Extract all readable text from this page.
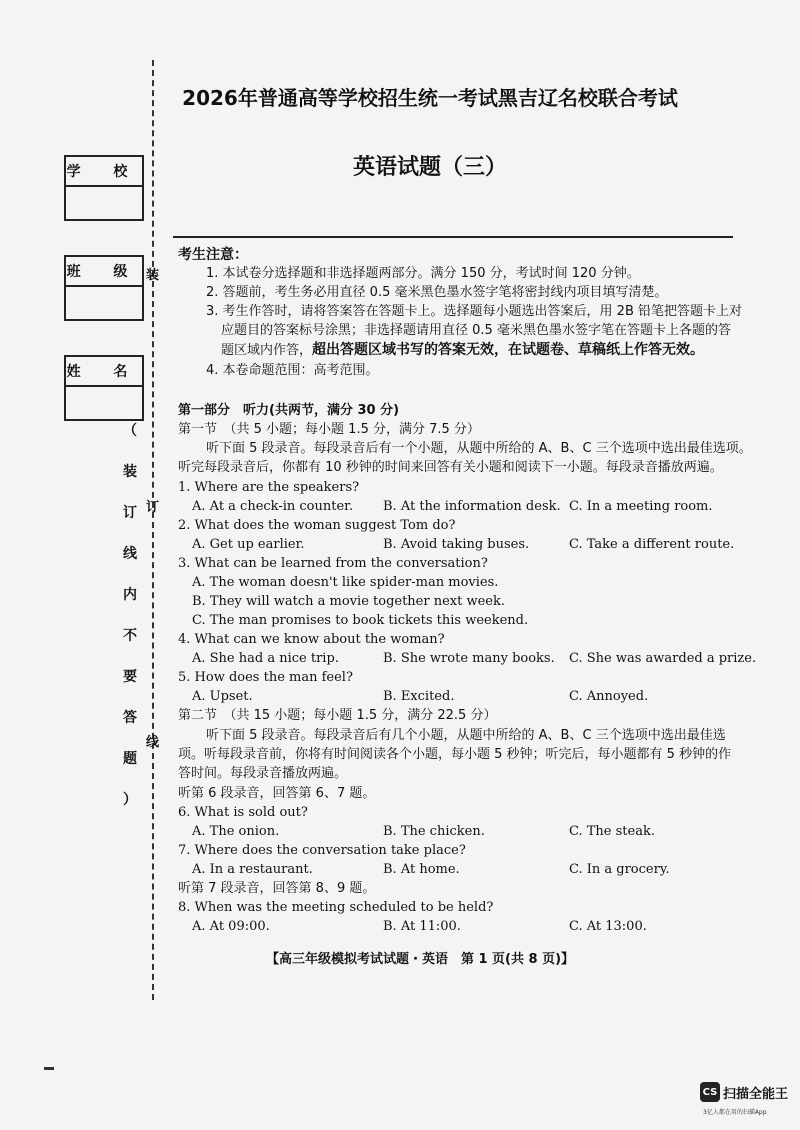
学 校
班 级
姓 名
装
订
线
（
装
订
线
内
不
要
答
题
）
2026年普通高等学校招生统一考试黑吉辽名校联合考试
英语试题（三）
考生注意：
1. 本试卷分选择题和非选择题两部分。满分 150 分，考试时间 120 分钟。
2. 答题前，考生务必用直径 0.5 毫米黑色墨水签字笔将密封线内项目填写清楚。
3. 考生作答时，请将答案答在答题卡上。选择题每小题选出答案后，用 2B 铅笔把答题卡上对
应题目的答案标号涂黑；非选择题请用直径 0.5 毫米黑色墨水签字笔在答题卡上各题的答
题区域内作答，超出答题区域书写的答案无效，在试题卷、草稿纸上作答无效。
4. 本卷命题范围：高考范围。
第一部分　听力(共两节，满分 30 分)
第一节　（共 5 小题；每小题 1.5 分，满分 7.5 分）
听下面 5 段录音。每段录音后有一个小题，从题中所给的 A、B、C 三个选项中选出最佳选项。
听完每段录音后，你都有 10 秒钟的时间来回答有关小题和阅读下一小题。每段录音播放两遍。
1. Where are the speakers?
A. At a check-in counter. B. At the information desk. C. In a meeting room.
2. What does the woman suggest Tom do?
A. Get up earlier.	B. Avoid taking buses.	C. Take a different route.
3. What can be learned from the conversation?
A. The woman doesn't like spider-man movies.
B. They will watch a movie together next week.
C. The man promises to book tickets this weekend.
4. What can we know about the woman?
A. She had a nice trip.	B. She wrote many books. C. She was awarded a prize.
5. How does the man feel?
A. Upset.	B. Excited.	C. Annoyed.
第二节　（共 15 小题；每小题 1.5 分，满分 22.5 分）
听下面 5 段录音。每段录音后有几个小题，从题中所给的 A、B、C 三个选项中选出最佳选
项。听每段录音前，你将有时间阅读各个小题，每小题 5 秒钟；听完后，每小题都有 5 秒钟的作
答时间。每段录音播放两遍。
听第 6 段录音，回答第 6、7 题。
6. What is sold out?
A. The onion.	B. The chicken.	C. The steak.
7. Where does the conversation take place?
A. In a restaurant.	B. At home.	C. In a grocery.
听第 7 段录音，回答第 8、9 题。
8. When was the meeting scheduled to be held?
A. At 09:00.	B. At 11:00.	C. At 13:00.
【高三年级模拟考试试题・英语　第 1 页(共 8 页)】
CS 扫描全能王
3亿人都在用的扫描App
